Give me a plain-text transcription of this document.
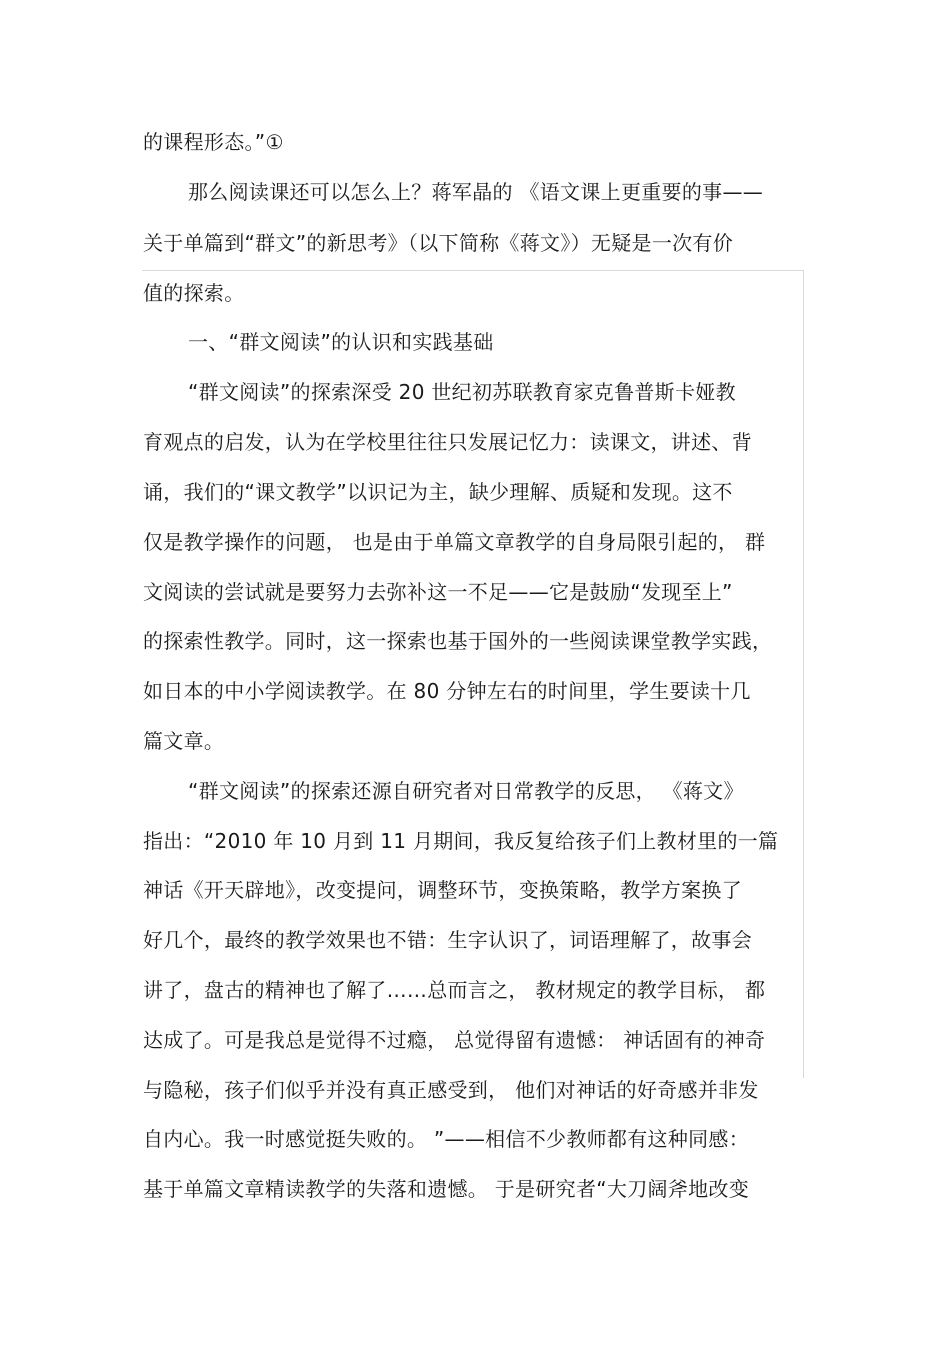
的课程形态。”①
那么阅读课还可以怎么上？蒋军晶的 《语文课上更重要的事——
关于单篇到“群文”的新思考》（以下简称《蒋文》）无疑是一次有价
值的探索。
一、“群文阅读”的认识和实践基础
“群文阅读”的探索深受 20 世纪初苏联教育家克鲁普斯卡娅教
育观点的启发，认为在学校里往往只发展记忆力：读课文，讲述、背
诵，我们的“课文教学”以识记为主，缺少理解、质疑和发现。这不
仅是教学操作的问题， 也是由于单篇文章教学的自身局限引起的， 群
文阅读的尝试就是要努力去弥补这一不足——它是鼓励“发现至上”
的探索性教学。同时，这一探索也基于国外的一些阅读课堂教学实践，
如日本的中小学阅读教学。在 80 分钟左右的时间里，学生要读十几
篇文章。
“群文阅读”的探索还源自研究者对日常教学的反思， 《蒋文》
指出：“2010 年 10 月到 11 月期间，我反复给孩子们上教材里的一篇
神话《开天辟地》，改变提问，调整环节，变换策略，教学方案换了
好几个，最终的教学效果也不错：生字认识了，词语理解了，故事会
讲了，盘古的精神也了解了……总而言之， 教材规定的教学目标， 都
达成了。可是我总是觉得不过瘾， 总觉得留有遗憾： 神话固有的神奇
与隐秘，孩子们似乎并没有真正感受到， 他们对神话的好奇感并非发
自内心。我一时感觉挺失败的。 ”——相信不少教师都有这种同感：
基于单篇文章精读教学的失落和遗憾。 于是研究者“大刀阔斧地改变
